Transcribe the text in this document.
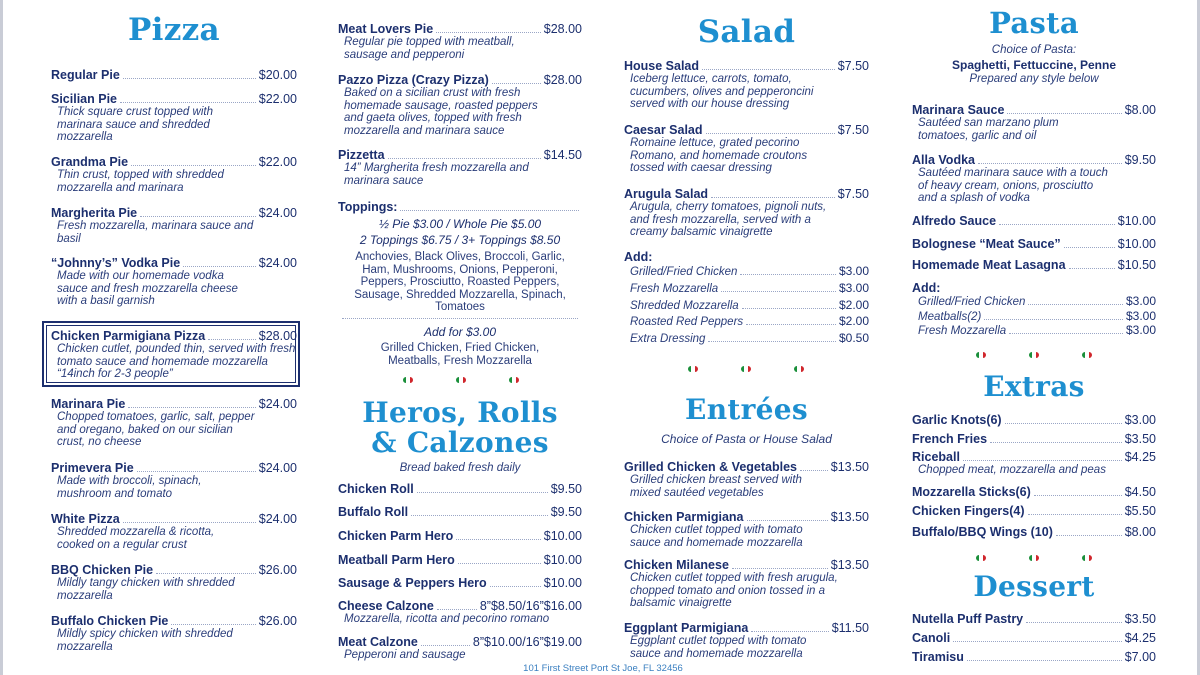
Pizza
Regular Pie	$20.00
Sicilian Pie	$22.00
Thick square crust topped with marinara sauce and shredded mozzarella
Grandma Pie	$22.00
Thin crust, topped with shredded mozzarella and marinara
Margherita Pie	$24.00
Fresh mozzarella, marinara sauce and basil
“Johnny’s” Vodka Pie	$24.00
Made with our homemade vodka sauce and fresh mozzarella cheese with a basil garnish
Chicken Parmigiana Pizza	$28.00
Chicken cutlet, pounded thin, served with fresh tomato sauce and homemade mozzarella “14inch for 2-3 people”
Marinara Pie	$24.00
Chopped tomatoes, garlic, salt, pepper and oregano, baked on our sicilian crust, no cheese
Primevera Pie	$24.00
Made with broccoli, spinach, mushroom and tomato
White Pizza	$24.00
Shredded mozzarella & ricotta, cooked on a regular crust
BBQ Chicken Pie	$26.00
Mildly tangy chicken with shredded mozzarella
Buffalo Chicken Pie	$26.00
Mildly spicy chicken with shredded mozzarella
Meat Lovers Pie	$28.00
Regular pie topped with meatball, sausage and pepperoni
Pazzo Pizza (Crazy Pizza)	$28.00
Baked on a sicilian crust with fresh homemade sausage, roasted peppers and gaeta olives, topped with fresh mozzarella and marinara sauce
Pizzetta	$14.50
14” Margherita fresh mozzarella and marinara sauce
Toppings:
½ Pie $3.00 / Whole Pie $5.00
2 Toppings $6.75 / 3+ Toppings $8.50
Anchovies, Black Olives, Broccoli, Garlic, Ham, Mushrooms, Onions, Pepperoni, Peppers, Prosciutto, Roasted Peppers, Sausage, Shredded Mozzarella, Spinach, Tomatoes
Add for $3.00
Grilled Chicken, Fried Chicken, Meatballs, Fresh Mozzarella
Heros, Rolls
& Calzones
Bread baked fresh daily
Chicken Roll	$9.50
Buffalo Roll	$9.50
Chicken Parm Hero	$10.00
Meatball Parm Hero	$10.00
Sausage & Peppers Hero	$10.00
Cheese Calzone	8”$8.50/16”$16.00
Mozzarella, ricotta and pecorino romano
Meat Calzone	8”$10.00/16”$19.00
Pepperoni and sausage
Salad
House Salad	$7.50
Iceberg lettuce, carrots, tomato, cucumbers, olives and pepperoncini served with our house dressing
Caesar Salad	$7.50
Romaine lettuce, grated pecorino Romano, and homemade croutons tossed with caesar dressing
Arugula Salad	$7.50
Arugula, cherry tomatoes, pignoli nuts, and fresh mozzarella, served with a creamy balsamic vinaigrette
Add:
Grilled/Fried Chicken	$3.00
Fresh Mozzarella	$3.00
Shredded Mozzarella	$2.00
Roasted Red Peppers	$2.00
Extra Dressing	$0.50
Entrées
Choice of Pasta or House Salad
Grilled Chicken & Vegetables	$13.50
Grilled chicken breast served with mixed sautéed vegetables
Chicken Parmigiana	$13.50
Chicken cutlet topped with tomato sauce and homemade mozzarella
Chicken Milanese	$13.50
Chicken cutlet topped with fresh arugula, chopped tomato and onion tossed in a balsamic vinaigrette
Eggplant Parmigiana	$11.50
Eggplant cutlet topped with tomato sauce and homemade mozzarella
Pasta
Choice of Pasta:
Spaghetti, Fettuccine, Penne
Prepared any style below
Marinara Sauce	$8.00
Sautéed san marzano plum tomatoes, garlic and oil
Alla Vodka	$9.50
Sautéed marinara sauce with a touch of heavy cream, onions, prosciutto and a splash of vodka
Alfredo Sauce	$10.00
Bolognese “Meat Sauce”	$10.00
Homemade Meat Lasagna	$10.50
Add:
Grilled/Fried Chicken	$3.00
Meatballs(2)	$3.00
Fresh Mozzarella	$3.00
Extras
Garlic Knots(6)	$3.00
French Fries	$3.50
Riceball	$4.25
Chopped meat, mozzarella and peas
Mozzarella Sticks(6)	$4.50
Chicken Fingers(4)	$5.50
Buffalo/BBQ Wings (10)	$8.00
Dessert
Nutella Puff Pastry	$3.50
Canoli	$4.25
Tiramisu	$7.00
101 First Street Port St Joe, FL 32456
